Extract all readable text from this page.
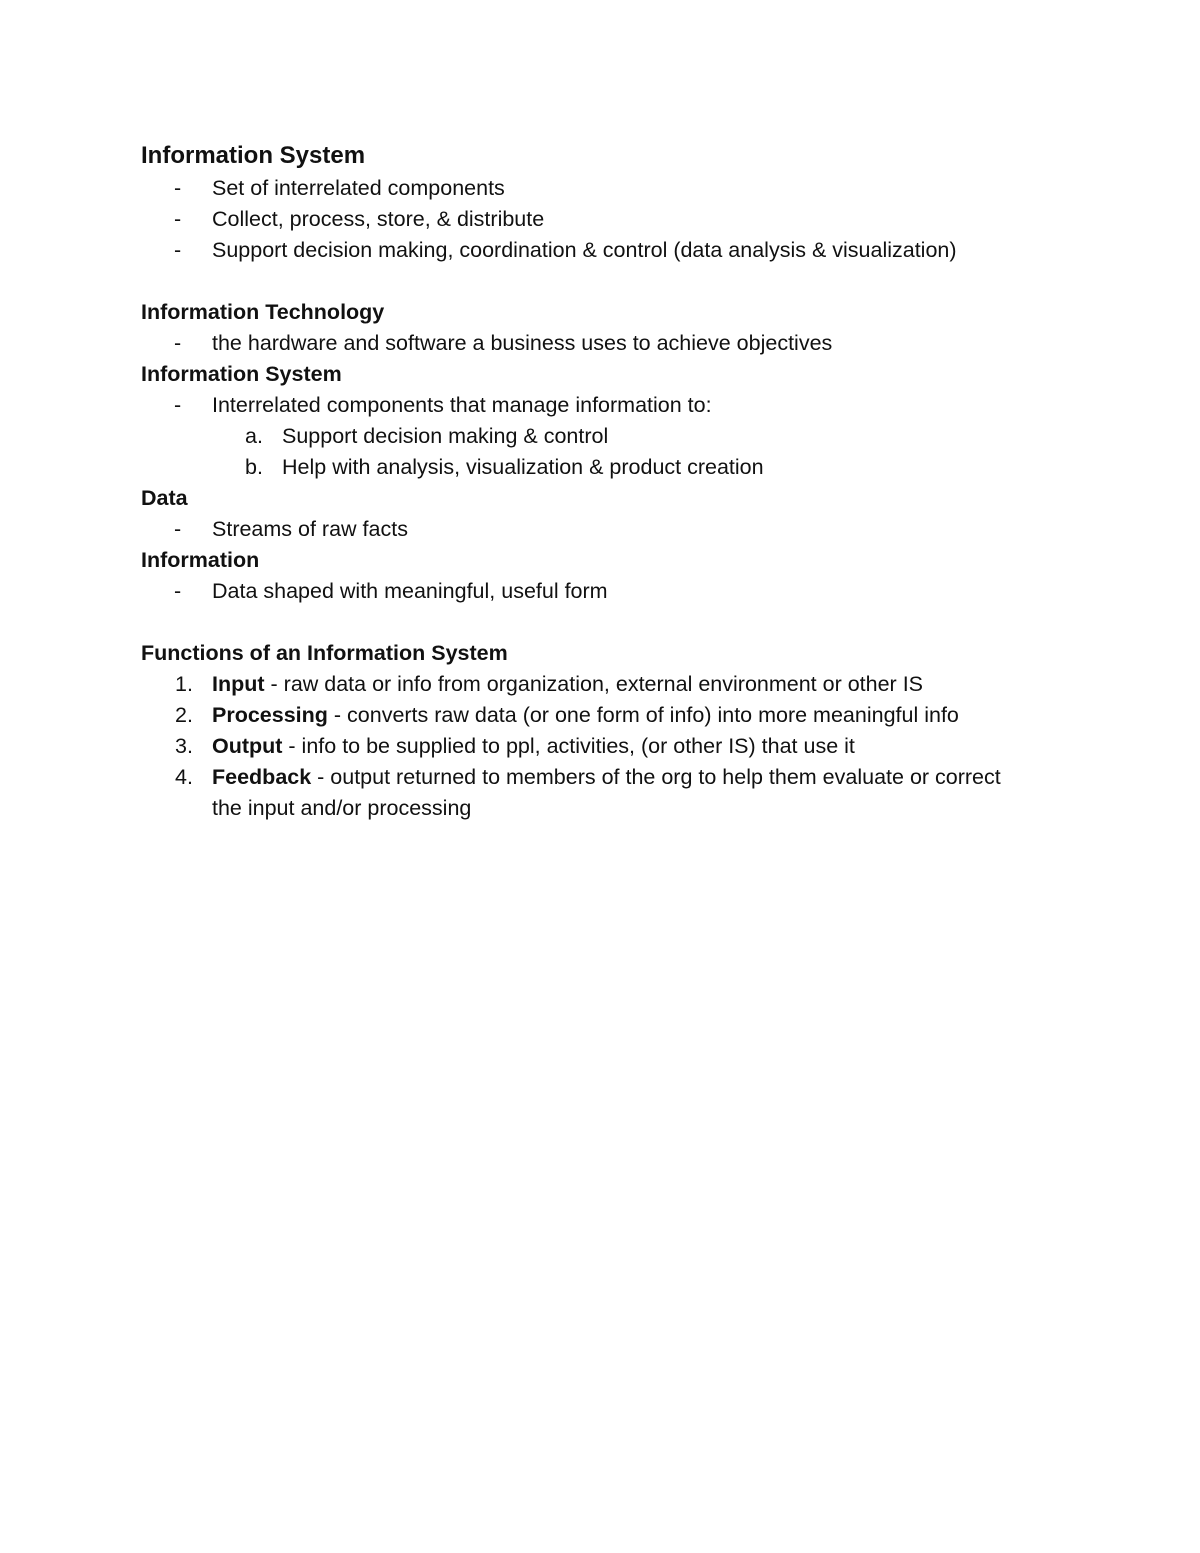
Information System
- Set of interrelated components
- Collect, process, store, & distribute
- Support decision making, coordination & control (data analysis & visualization)
Information Technology
- the hardware and software a business uses to achieve objectives
Information System
- Interrelated components that manage information to:
a. Support decision making & control
b. Help with analysis, visualization & product creation
Data
- Streams of raw facts
Information
- Data shaped with meaningful, useful form
Functions of an Information System
1. Input - raw data or info from organization, external environment or other IS
2. Processing - converts raw data (or one form of info) into more meaningful info
3. Output - info to be supplied to ppl, activities, (or other IS) that use it
4. Feedback - output returned to members of the org to help them evaluate or correct the input and/or processing
